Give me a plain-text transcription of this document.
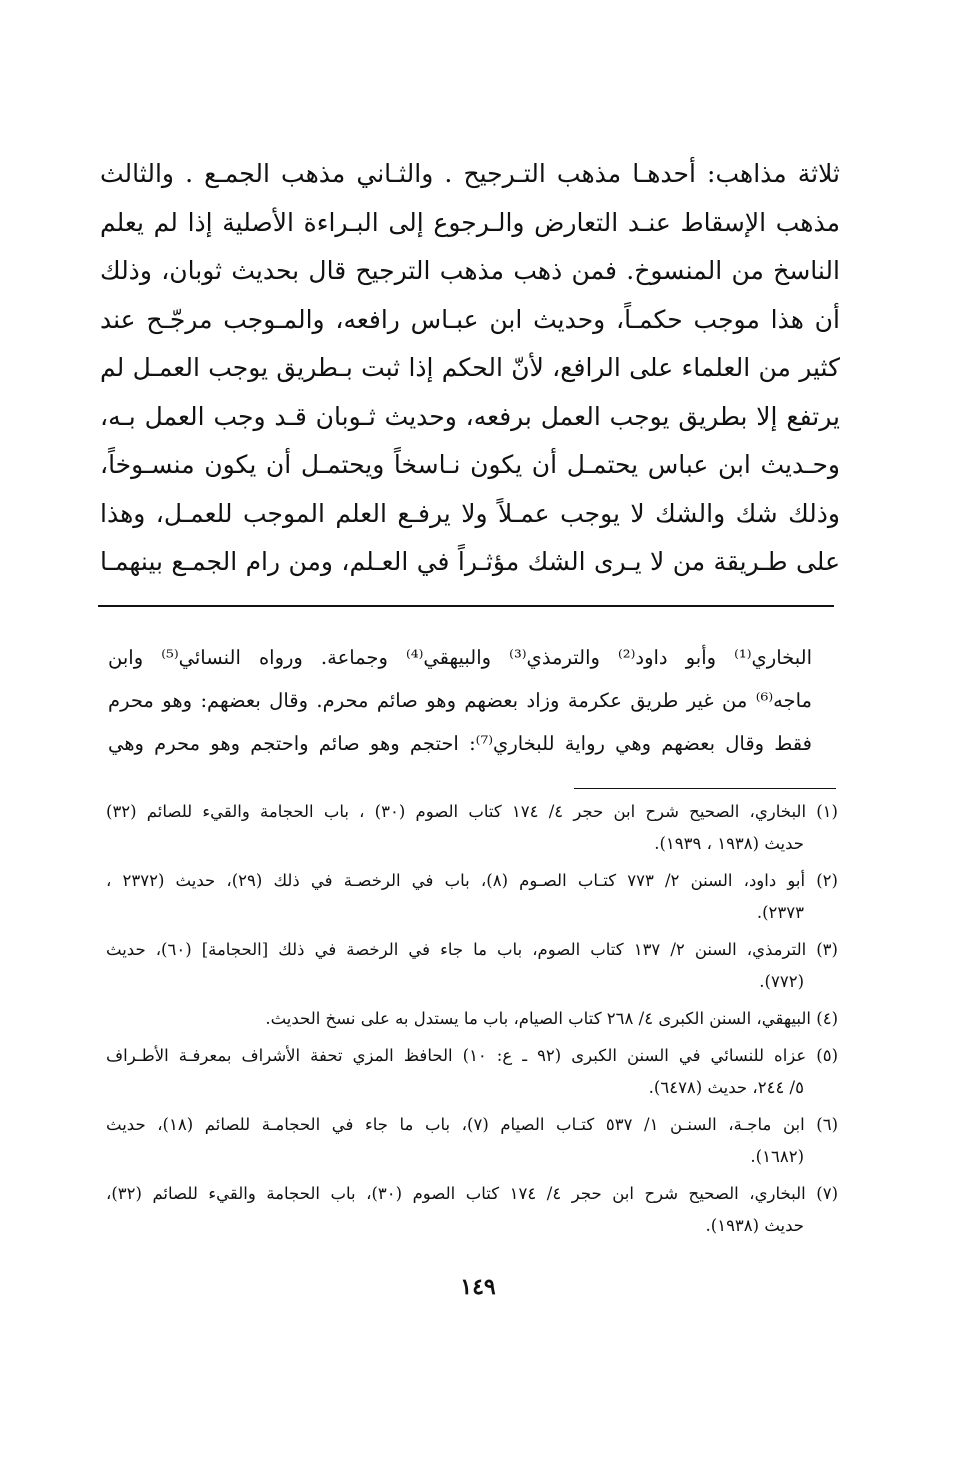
ثلاثة مذاهب: أحدهـا مذهب التـرجيح . والثـاني مذهب الجمـع . والثالث
مذهب الإسقاط عنـد التعارض والـرجوع إلى البـراءة الأصلية إذا لم يعلم
الناسخ من المنسوخ. فمن ذهب مذهب الترجيح قال بحديث ثوبان، وذلك
أن هذا موجب حكمـاً، وحديث ابن عبـاس رافعه، والمـوجب مرجّـح عند
كثير من العلماء على الرافع، لأنّ الحكم إذا ثبت بـطريق يوجب العمـل لم
يرتفع إلا بطريق يوجب العمل برفعه، وحديث ثـوبان قـد وجب العمل بـه،
وحـديث ابن عباس يحتمـل أن يكون نـاسخاً ويحتمـل أن يكون منسـوخاً،
وذلك شك والشك لا يوجب عمـلاً ولا يرفـع العلم الموجب للعمـل، وهذا
على طـريقة من لا يـرى الشك مؤثـراً في العـلم، ومن رام الجمـع بينهمـا
البخاري⁽¹⁾ وأبو داود⁽²⁾ والترمذي⁽³⁾ والبيهقي⁽⁴⁾ وجماعة. ورواه النسائي⁽⁵⁾ وابن
ماجه⁽⁶⁾ من غير طريق عكرمة وزاد بعضهم وهو صائم محرم. وقال بعضهم: وهو محرم
فقط وقال بعضهم وهي رواية للبخاري⁽⁷⁾: احتجم وهو صائم واحتجم وهو محرم وهي
(١) البخاري، الصحيح شرح ابن حجر ٤/ ١٧٤ كتاب الصوم (٣٠) ، باب الحجامة والقيء للصائم (٣٢)
حديث (١٩٣٨ ، ١٩٣٩).
(٢) أبو داود، السنن ٢/ ٧٧٣ كتـاب الصـوم (٨)، باب في الرخصـة في ذلك (٢٩)، حديث (٢٣٧٢ ،
٢٣٧٣).
(٣) الترمذي، السنن ٢/ ١٣٧ كتاب الصوم، باب ما جاء في الرخصة في ذلك [الحجامة] (٦٠)، حديث
(٧٧٢).
(٤) البيهقي، السنن الكبرى ٤/ ٢٦٨ كتاب الصيام، باب ما يستدل به على نسخ الحديث.
(٥) عزاه للنسائي في السنن الكبرى (٩٢ ـ ع: ١٠) الحافظ المزي تحفة الأشراف بمعرفـة الأطـراف
٥/ ٢٤٤، حديث (٦٤٧٨).
(٦) ابن ماجـة، السنـن ١/ ٥٣٧ كتـاب الصيام (٧)، باب ما جاء في الحجامـة للصائم (١٨)، حديث
(١٦٨٢).
(٧) البخاري، الصحيح شرح ابن حجر ٤/ ١٧٤ كتاب الصوم (٣٠)، باب الحجامة والقيء للصائم (٣٢)،
حديث (١٩٣٨).
١٤٩
